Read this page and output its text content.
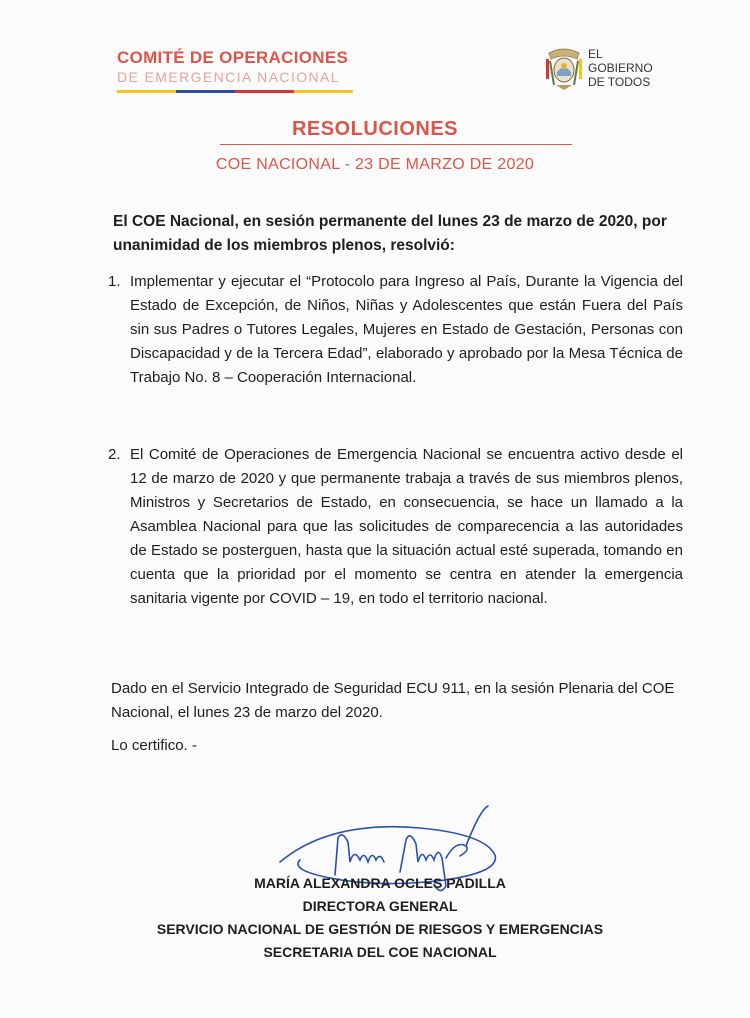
COMITÉ DE OPERACIONES
DE EMERGENCIA NACIONAL
EL
GOBIERNO
DE TODOS
RESOLUCIONES
COE NACIONAL - 23 DE MARZO DE 2020
El COE Nacional, en sesión permanente del lunes 23 de marzo de 2020, por unanimidad de los miembros plenos, resolvió:
1. Implementar y ejecutar el “Protocolo para Ingreso al País, Durante la Vigencia del Estado de Excepción, de Niños, Niñas y Adolescentes que están Fuera del País sin sus Padres o Tutores Legales, Mujeres en Estado de Gestación, Personas con Discapacidad y de la Tercera Edad”, elaborado y aprobado por la Mesa Técnica de Trabajo No. 8 – Cooperación Internacional.
2. El Comité de Operaciones de Emergencia Nacional se encuentra activo desde el 12 de marzo de 2020 y que permanente trabaja a través de sus miembros plenos, Ministros y Secretarios de Estado, en consecuencia, se hace un llamado a la Asamblea Nacional para que las solicitudes de comparecencia a las autoridades de Estado se posterguen, hasta que la situación actual esté superada, tomando en cuenta que la prioridad por el momento se centra en atender la emergencia sanitaria vigente por COVID – 19, en todo el territorio nacional.
Dado en el Servicio Integrado de Seguridad ECU 911, en la sesión Plenaria del COE Nacional, el lunes 23 de marzo del 2020.
Lo certifico. -
MARÍA ALEXANDRA OCLES PADILLA
DIRECTORA GENERAL
SERVICIO NACIONAL DE GESTIÓN DE RIESGOS Y EMERGENCIAS
SECRETARIA DEL COE NACIONAL
